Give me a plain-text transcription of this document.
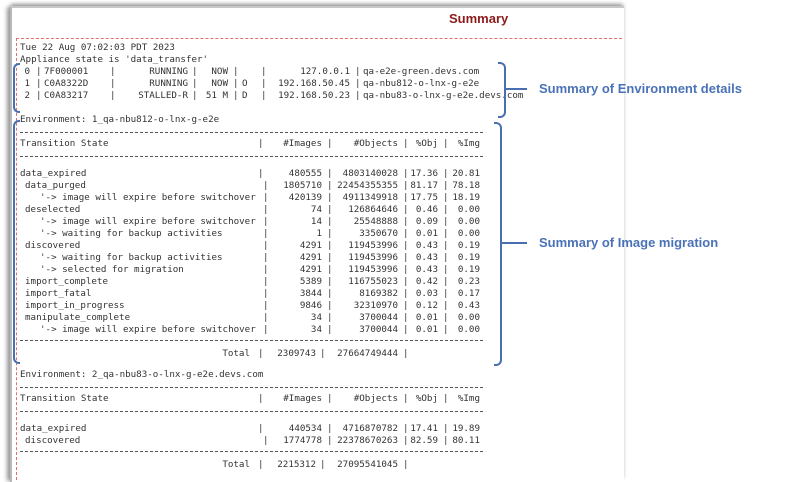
Summary
Tue 22 Aug 07:02:03 PDT 2023
Appliance state is 'data_transfer'
0 | 7F000001 |	RUNNING |	NOW | |	127.0.0.1 | qa-e2e-green.devs.com
1 | C0A8322D |	RUNNING |	NOW | O |	192.168.50.45 | qa-nbu812-o-lnx-g-e2e
2 | C0A83217 |	STALLED-R | 51 M | D |	192.168.50.23 | qa-nbu83-o-lnx-g-e2e.devs.com
Environment: 1_qa-nbu812-o-lnx-g-e2e
Transition State	|	#Images |	#Objects | %Obj |	%Img
data_expired	|	480555 |	4803140028 | 17.36 | 20.81
data_purged	|	1805710 | 22454355355 | 81.17 | 78.18
'-> image will expire before switchover |	420139 |	4911349918 | 17.75 | 18.19
deselected	|	74 |	126864646 | 0.46 |	0.00
'-> image will expire before switchover |	14 |	25548888 | 0.09 |	0.00
'-> waiting for backup activities	|	1 |	3350670 | 0.01 |	0.00
discovered	|	4291 |	119453996 | 0.43 |	0.19
'-> waiting for backup activities	|	4291 |	119453996 | 0.43 |	0.19
'-> selected for migration	|	4291 |	119453996 | 0.43 |	0.19
import_complete	|	5389 |	116755023 | 0.42 |	0.23
import_fatal	|	3844 |	8169382 | 0.03 |	0.17
import_in_progress	|	9846 |	32310970 | 0.12 |	0.43
manipulate_complete	|	34 |	3700044 | 0.01 |	0.00
'-> image will expire before switchover |	34 |	3700044 | 0.01 |	0.00
Total |	2309743 |	27664749444 |
Environment: 2_qa-nbu83-o-lnx-g-e2e.devs.com
Transition State	|	#Images |	#Objects | %Obj |	%Img
data_expired	|	440534 |	4716870782 | 17.41 | 19.89
discovered	|	1774778 | 22378670263 | 82.59 | 80.11
Total |	2215312 |	27095541045 |
Summary of Environment details
Summary of Image migration
